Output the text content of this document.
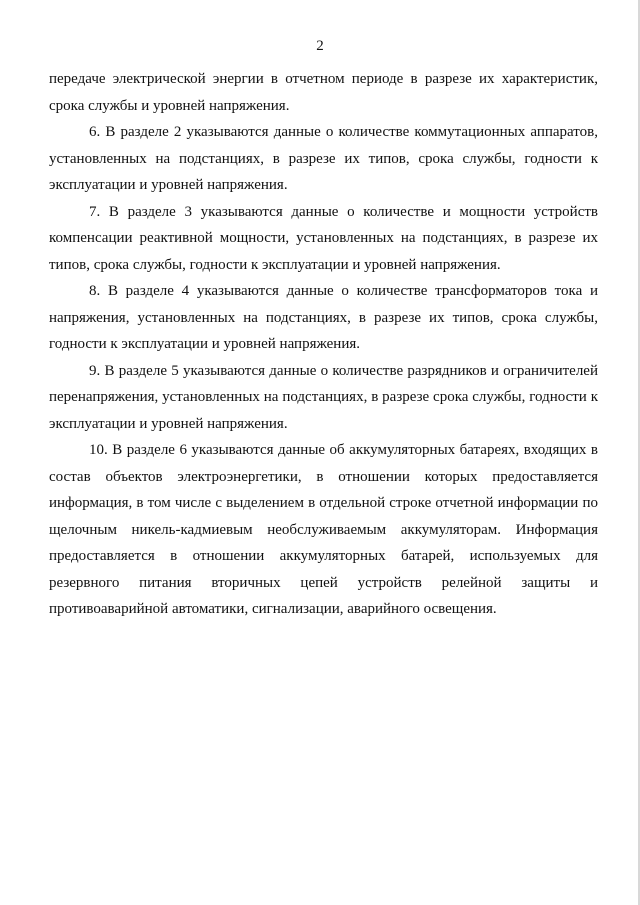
2

передаче электрической энергии в отчетном периоде в разрезе их характеристик, срока службы и уровней напряжения.

6. В разделе 2 указываются данные о количестве коммутационных аппаратов, установленных на подстанциях, в разрезе их типов, срока службы, годности к эксплуатации и уровней напряжения.

7. В разделе 3 указываются данные о количестве и мощности устройств компенсации реактивной мощности, установленных на подстанциях, в разрезе их типов, срока службы, годности к эксплуатации и уровней напряжения.

8. В разделе 4 указываются данные о количестве трансформаторов тока и напряжения, установленных на подстанциях, в разрезе их типов, срока службы, годности к эксплуатации и уровней напряжения.

9. В разделе 5 указываются данные о количестве разрядников и ограничителей перенапряжения, установленных на подстанциях, в разрезе срока службы, годности к эксплуатации и уровней напряжения.

10. В разделе 6 указываются данные об аккумуляторных батареях, входящих в состав объектов электроэнергетики, в отношении которых предоставляется информация, в том числе с выделением в отдельной строке отчетной информации по щелочным никель-кадмиевым необслуживаемым аккумуляторам. Информация предоставляется в отношении аккумуляторных батарей, используемых для резервного питания вторичных цепей устройств релейной защиты и противоаварийной автоматики, сигнализации, аварийного освещения.
